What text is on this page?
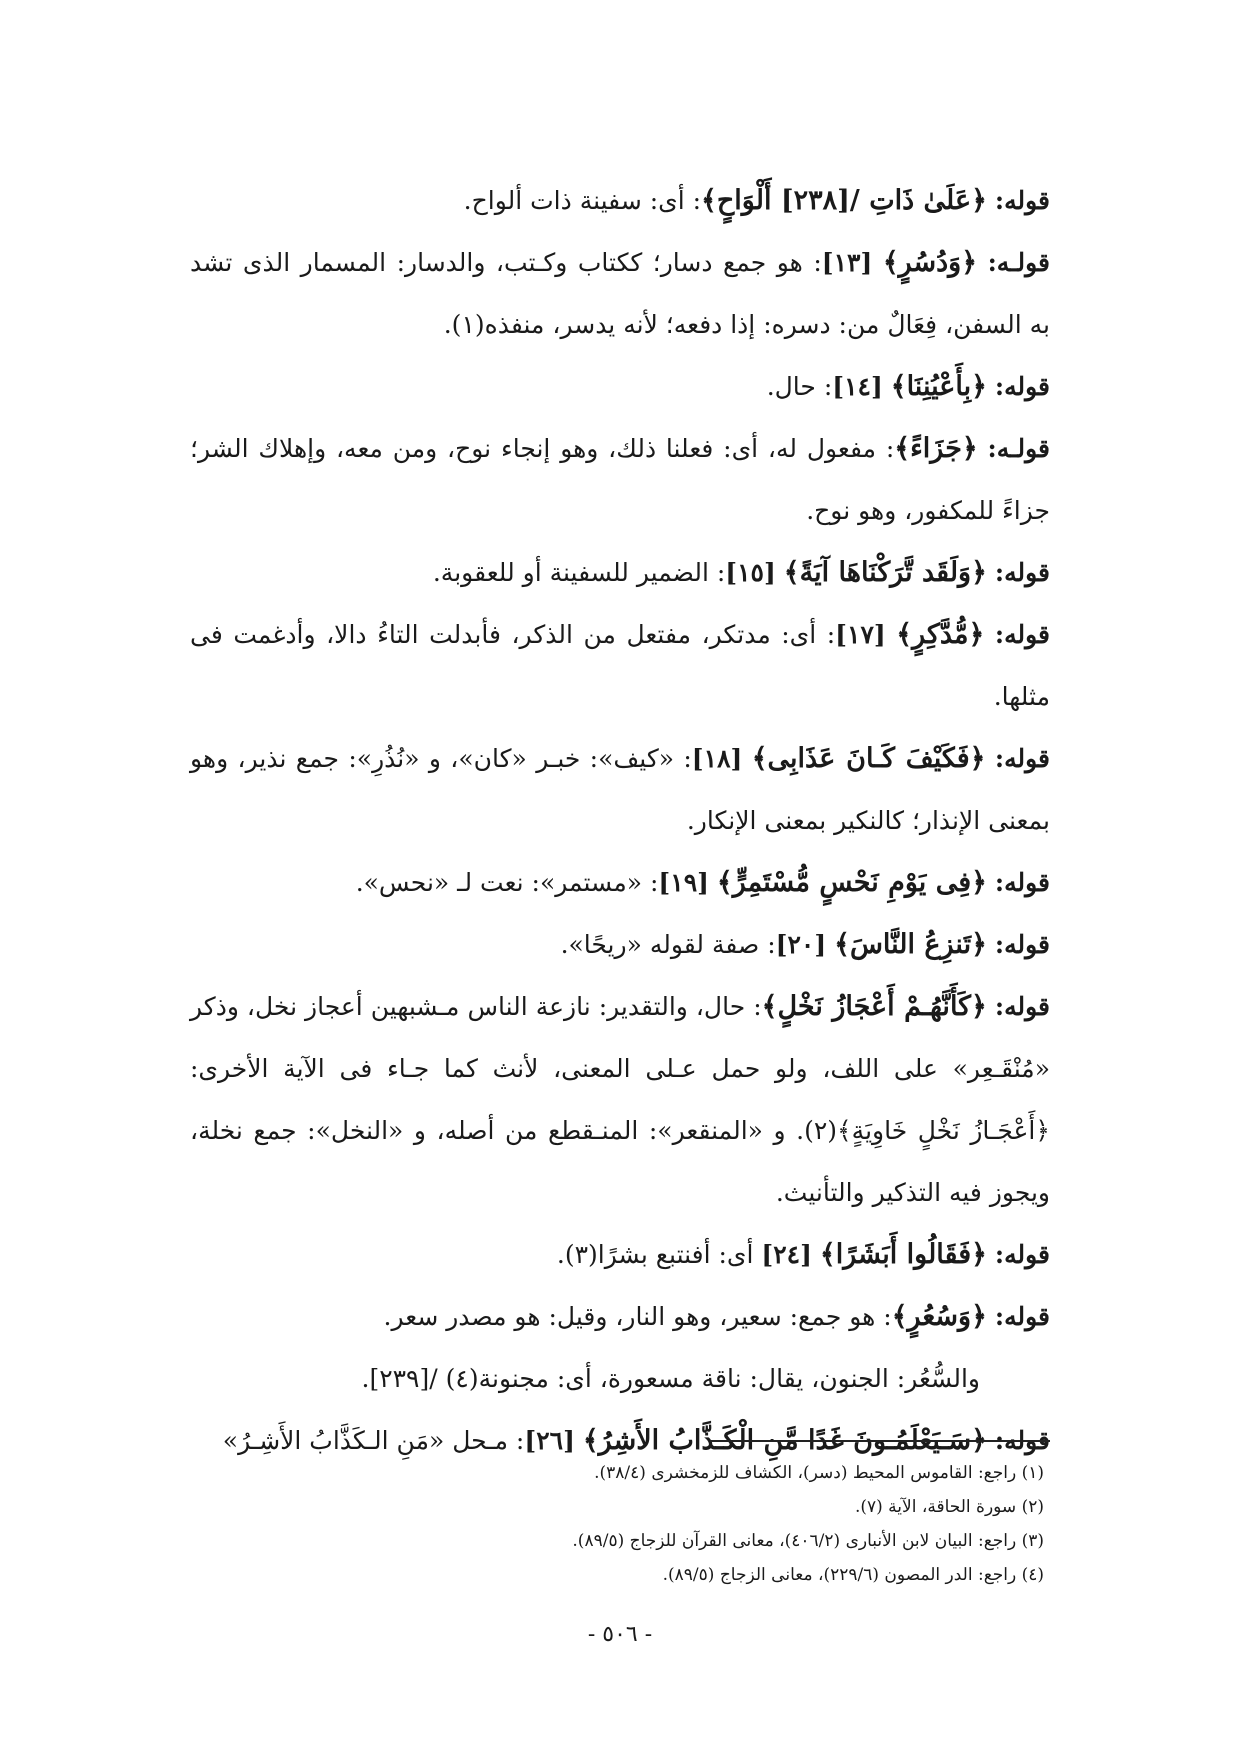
قوله: ﴿عَلَىٰ ذَاتِ /[٢٣٨] أَلْوَاحٍ﴾: أى: سفينة ذات ألواح.

قولـه: ﴿وَدُسُرٍ﴾ [١٣]: هو جمع دسار؛ ككتاب وكـتب، والدسار: المسمار الذى تشد به السفن، فِعَالٌ من: دسره: إذا دفعه؛ لأنه يدسر، منفذه(١).

قوله: ﴿بِأَعْيُنِنَا﴾ [١٤]: حال.

قولـه: ﴿جَزَاءً﴾: مفعول له، أى: فعلنا ذلك، وهو إنجاء نوح، ومن معه، وإهلاك الشر؛ جزاءً للمكفور، وهو نوح.

قوله: ﴿وَلَقَد تَّرَكْنَاهَا آيَةً﴾ [١٥]: الضمير للسفينة أو للعقوبة.

قوله: ﴿مُّدَّكِرٍ﴾ [١٧]: أى: مدتكر، مفتعل من الذكر، فأبدلت التاءُ دالا، وأدغمت فى مثلها.

قوله: ﴿فَكَيْفَ كَـانَ عَذَابِى﴾ [١٨]: «كيف»: خبـر «كان»، و «نُذُرِ»: جمع نذير، وهو بمعنى الإنذار؛ كالنكير بمعنى الإنكار.

قوله: ﴿فِى يَوْمِ نَحْسٍ مُّسْتَمِرٍّ﴾ [١٩]: «مستمر»: نعت لـ «نحس».

قوله: ﴿تَنزِعُ النَّاسَ﴾ [٢٠]: صفة لقوله «ريحًا».

قوله: ﴿كَأَنَّهُـمْ أَعْجَازُ نَخْلٍ﴾: حال، والتقدير: نازعة الناس مـشبهين أعجاز نخل، وذكر «مُنْقَـعِر» على اللف، ولو حمل عـلى المعنى، لأنث كما جـاء فى الآية الأخرى: ﴿أَعْجَـازُ نَخْلٍ خَاوِيَةٍ﴾(٢). و «المنقعر»: المنـقطع من أصله، و «النخل»: جمع نخلة، ويجوز فيه التذكير والتأنيث.

قوله: ﴿فَقَالُوا أَبَشَرًا﴾ [٢٤] أى: أفنتبع بشرًا(٣).

قوله: ﴿وَسُعُرٍ﴾: هو جمع: سعير، وهو النار، وقيل: هو مصدر سعر.

والسُّعُر: الجنون، يقال: ناقة مسعورة، أى: مجنونة(٤) /[٢٣٩].

قوله: ﴿سَـيَعْلَمُـونَ غَدًا مَّنِ الْكَـذَّابُ الأَشِرُ﴾ [٢٦]: مـحل «مَنِ الـكَذَّابُ الأَشِـرُ»

(١) راجع: القاموس المحيط (دسر)، الكشاف للزمخشرى (٣٨/٤).

(٢) سورة الحاقة، الآية (٧).

(٣) راجع: البيان لابن الأنبارى (٤٠٦/٢)، معانى القرآن للزجاج (٨٩/٥).

(٤) راجع: الدر المصون (٢٢٩/٦)، معانى الزجاج (٨٩/٥).

- ٥٠٦ -
